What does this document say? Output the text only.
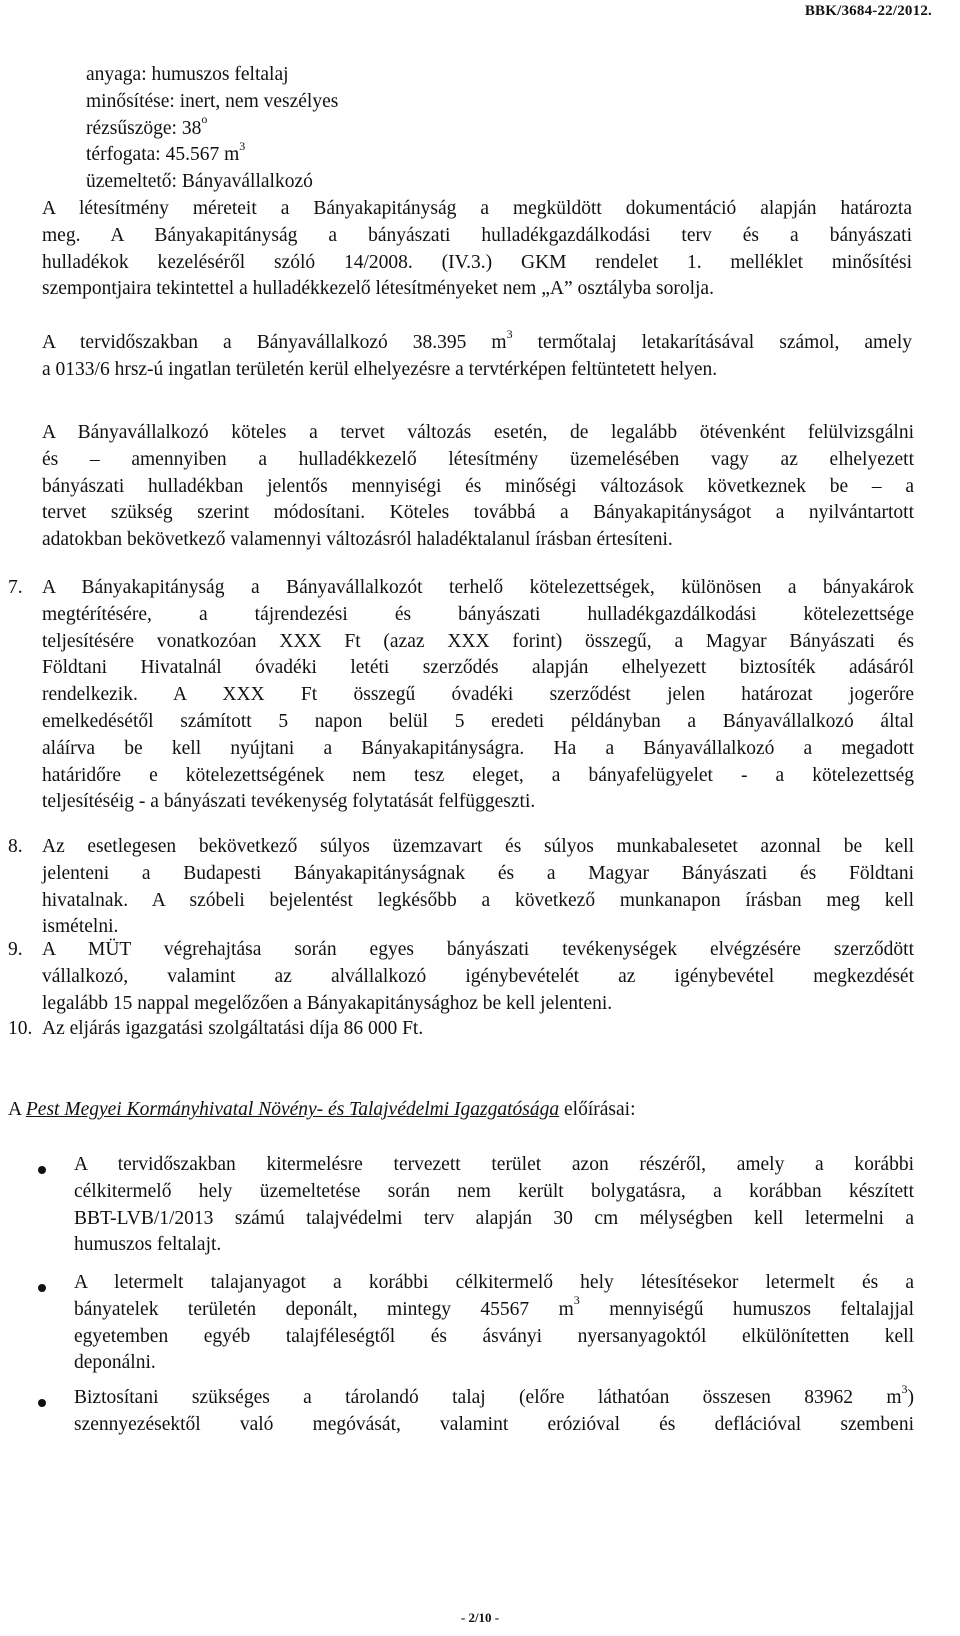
BBK/3684-22/2012.
anyaga: humuszos feltalaj
minősítése: inert, nem veszélyes
rézsűszöge: 38$^o$
térfogata: 45.567 $m^3$
üzemeltető: Bányavállalkozó
A létesítmény méreteit a Bányakapitányság a megküldött dokumentáció alapján határozta
meg. A Bányakapitányság a bányászati hulladékgazdálkodási terv és a bányászati
hulladékok kezeléséről szóló 14/2008. (IV.3.) GKM rendelet 1. melléklet minősítési
szempontjaira tekintettel a hulladékkezelő létesítményeket nem „A” osztályba sorolja.
A tervidőszakban a Bányavállalkozó 38.395 $m^3$ termőtalaj letakarításával számol, amely
a 0133/6 hrsz-ú ingatlan területén kerül elhelyezésre a tervtérképen feltüntetett helyen.
A Bányavállalkozó köteles a tervet változás esetén, de legalább ötévenként felülvizsgálni
és – amennyiben a hulladékkezelő létesítmény üzemelésében vagy az elhelyezett
bányászati hulladékban jelentős mennyiségi és minőségi változások következnek be – a
tervet szükség szerint módosítani. Köteles továbbá a Bányakapitányságot a nyilvántartott
adatokban bekövetkező valamennyi változásról haladéktalanul írásban értesíteni.
7. A Bányakapitányság a Bányavállalkozót terhelő kötelezettségek, különösen a bányakárok
megtérítésére, a tájrendezési és bányászati hulladékgazdálkodási kötelezettsége
teljesítésére vonatkozóan XXX Ft (azaz XXX forint) összegű, a Magyar Bányászati és
Földtani Hivatalnál óvadéki letéti szerződés alapján elhelyezett biztosíték adásáról
rendelkezik. A XXX Ft összegű óvadéki szerződést jelen határozat jogerőre
emelkedésétől számított 5 napon belül 5 eredeti példányban a Bányavállalkozó által
aláírva be kell nyújtani a Bányakapitányságra. Ha a Bányavállalkozó a megadott
határidőre e kötelezettségének nem tesz eleget, a bányafelügyelet - a kötelezettség
teljesítéséig - a bányászati tevékenység folytatását felfüggeszti.
8. Az esetlegesen bekövetkező súlyos üzemzavart és súlyos munkabalesetet azonnal be kell
jelenteni a Budapesti Bányakapitányságnak és a Magyar Bányászati és Földtani
hivatalnak. A szóbeli bejelentést legkésőbb a következő munkanapon írásban meg kell
ismételni.
9. A MÜT végrehajtása során egyes bányászati tevékenységek elvégzésére szerződött
vállalkozó, valamint az alvállalkozó igénybevételét az igénybevétel megkezdését
legalább 15 nappal megelőzően a Bányakapitánysághoz be kell jelenteni.
10. Az eljárás igazgatási szolgáltatási díja 86 000 Ft.
A Pest Megyei Kormányhivatal Növény- és Talajvédelmi Igazgatósága előírásai:
A tervidőszakban kitermelésre tervezett terület azon részéről, amely a korábbi
célkitermelő hely üzemeltetése során nem került bolygatásra, a korábban készített
BBT-LVB/1/2013 számú talajvédelmi terv alapján 30 cm mélységben kell letermelni a
humuszos feltalajt.
A letermelt talajanyagot a korábbi célkitermelő hely létesítésekor letermelt és a
bányatelek területén deponált, mintegy 45567 $m^3$ mennyiségű humuszos feltalajjal
egyetemben egyéb talajféleségtől és ásványi nyersanyagoktól elkülönítetten kell
deponálni.
Biztosítani szükséges a tárolandó talaj (előre láthatóan összesen 83962 $m^3$)
szennyezésektől való megóvását, valamint erózióval és deflációval szembeni
- 2/10 -
